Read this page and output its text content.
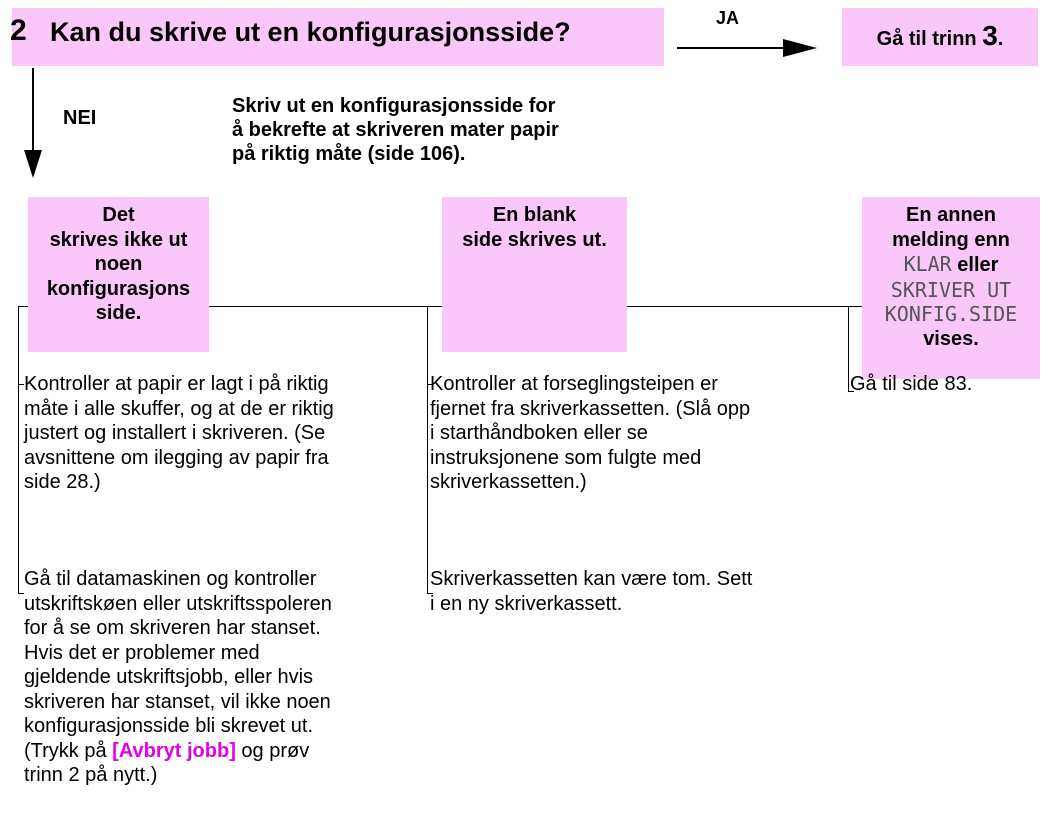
2 Kan du skrive ut en konfigurasjonsside?	JA
Gå til trinn 3.
NEI
Skriv ut en konfigurasjonsside for
å bekrefte at skriveren mater papir
på riktig måte (side 106).
Det
skrives ikke ut
noen
konfigurasjons
side.
En blank
side skrives ut.
En annen
melding enn
KLAR eller
SKRIVER UT
KONFIG.SIDE
vises.
Kontroller at papir er lagt i på riktig
måte i alle skuffer, og at de er riktig
justert og installert i skriveren. (Se
avsnittene om ilegging av papir fra
side 28.)
Gå til datamaskinen og kontroller
utskriftskøen eller utskriftsspoleren
for å se om skriveren har stanset.
Hvis det er problemer med
gjeldende utskriftsjobb, eller hvis
skriveren har stanset, vil ikke noen
konfigurasjonsside bli skrevet ut.
(Trykk på [Avbryt jobb] og prøv
trinn 2 på nytt.)
Kontroller at forseglingsteipen er
fjernet fra skriverkassetten. (Slå opp
i starthåndboken eller se
instruksjonene som fulgte med
skriverkassetten.)
Skriverkassetten kan være tom. Sett
i en ny skriverkassett.
Gå til side 83.
